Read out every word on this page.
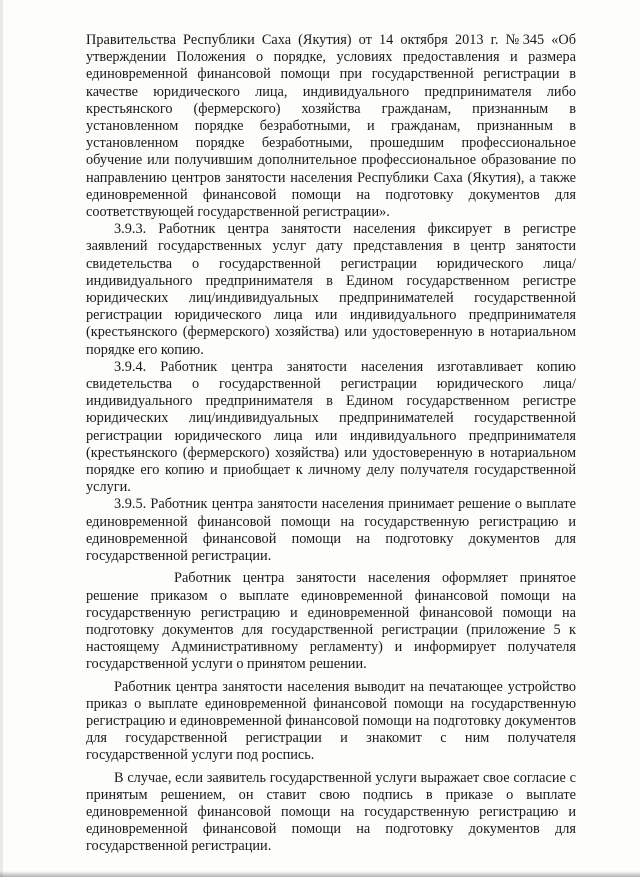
Правительства Республики Саха (Якутия) от 14 октября 2013 г. №345 «Об утверждении Положения о порядке, условиях предоставления и размера единовременной финансовой помощи при государственной регистрации в качестве юридического лица, индивидуального предпринимателя либо крестьянского (фермерского) хозяйства гражданам, признанным в установленном порядке безработными, и гражданам, признанным в установленном порядке безработными, прошедшим профессиональное обучение или получившим дополнительное профессиональное образование по направлению центров занятости населения Республики Саха (Якутия), а также единовременной финансовой помощи на подготовку документов для соответствующей государственной регистрации».

3.9.3. Работник центра занятости населения фиксирует в регистре заявлений государственных услуг дату представления в центр занятости свидетельства о государственной регистрации юридического лица/индивидуального предпринимателя в Едином государственном регистре юридических лиц/индивидуальных предпринимателей государственной регистрации юридического лица или индивидуального предпринимателя (крестьянского (фермерского) хозяйства) или удостоверенную в нотариальном порядке его копию.

3.9.4. Работник центра занятости населения изготавливает копию свидетельства о государственной регистрации юридического лица/индивидуального предпринимателя в Едином государственном регистре юридических лиц/индивидуальных предпринимателей государственной регистрации юридического лица или индивидуального предпринимателя (крестьянского (фермерского) хозяйства) или удостоверенную в нотариальном порядке его копию и приобщает к личному делу получателя государственной услуги.

3.9.5. Работник центра занятости населения принимает решение о выплате единовременной финансовой помощи на государственную регистрацию и единовременной финансовой помощи на подготовку документов для государственной регистрации.

Работник центра занятости населения оформляет принятое решение приказом о выплате единовременной финансовой помощи на государственную регистрацию и единовременной финансовой помощи на подготовку документов для государственной регистрации (приложение 5 к настоящему Административному регламенту) и информирует получателя государственной услуги о принятом решении.

Работник центра занятости населения выводит на печатающее устройство приказ о выплате единовременной финансовой помощи на государственную регистрацию и единовременной финансовой помощи на подготовку документов для государственной регистрации и знакомит с ним получателя государственной услуги под роспись.

В случае, если заявитель государственной услуги выражает свое согласие с принятым решением, он ставит свою подпись в приказе о выплате единовременной финансовой помощи на государственную регистрацию и единовременной финансовой помощи на подготовку документов для государственной регистрации.
